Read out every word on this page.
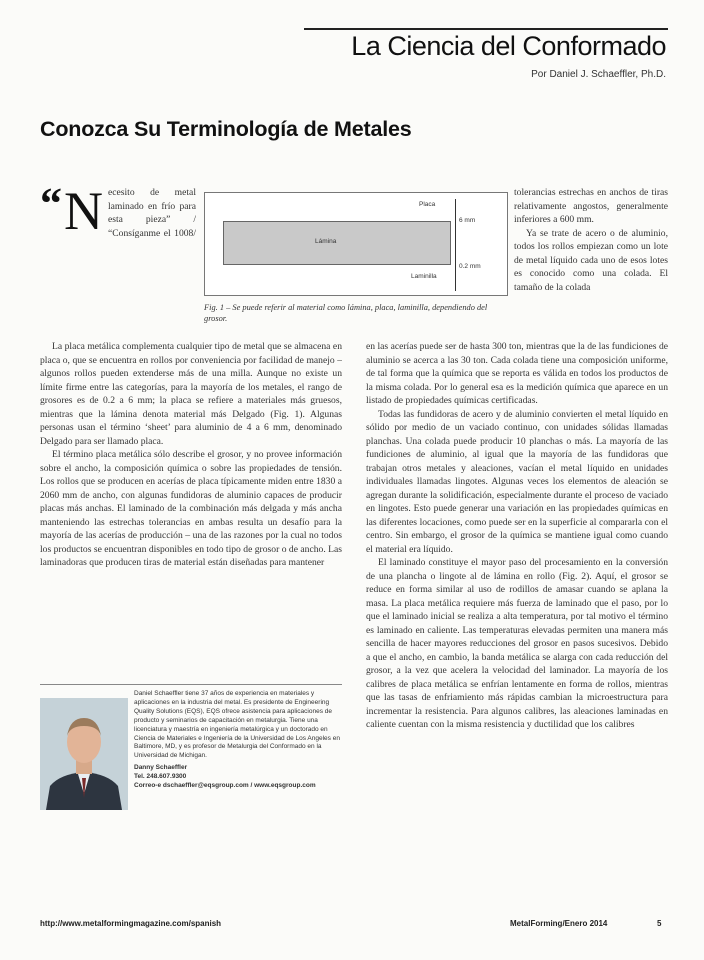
La Ciencia del Conformado
Por Daniel J. Schaeffler, Ph.D.
Conozca Su Terminología de Metales
“ N ecesito de metal laminado en frío para esta pieza” / “Consíganme el 1008/

Lámina
Placa
6 mm
0.2 mm
Laminilla
Fig. 1 – Se puede referir al material como lámina, placa, laminilla, dependiendo del grosor.

tolerancias estrechas en anchos de tiras relativamente angostos, generalmente inferiores a 600 mm.

Ya se trate de acero o de aluminio, todos los rollos empiezan como un lote de metal líquido cada uno de esos lotes es conocido como una colada. El tamaño de la colada

La placa metálica complementa cualquier tipo de metal que se almacena en placa o, que se encuentra en rollos por conveniencia por facilidad de manejo – algunos rollos pueden extenderse más de una milla. Aunque no existe un límite firme entre las categorías, para la mayoría de los metales, el rango de grosores es de 0.2 a 6 mm; la placa se refiere a materiales más gruesos, mientras que la lámina denota material más Delgado (Fig. 1). Algunas personas usan el término ‘sheet’ para aluminio de 4 a 6 mm, denominado Delgado para ser llamado placa.

El término placa metálica sólo describe el grosor, y no provee información sobre el ancho, la composición química o sobre las propiedades de tensión. Los rollos que se producen en acerías de placa típicamente miden entre 1830 a 2060 mm de ancho, con algunas fundidoras de aluminio capaces de producir placas más anchas. El laminado de la combinación más delgada y más ancha manteniendo las estrechas tolerancias en ambas resulta un desafío para la mayoría de las acerías de producción – una de las razones por la cual no todos los productos se encuentran disponibles en todo tipo de grosor o de ancho. Las laminadoras que producen tiras de material están diseñadas para mantener

en las acerías puede ser de hasta 300 ton, mientras que la de las fundiciones de aluminio se acerca a las 30 ton. Cada colada tiene una composición uniforme, de tal forma que la química que se reporta es válida en todos los productos de la misma colada. Por lo general esa es la medición química que aparece en un listado de propiedades químicas certificadas.

Todas las fundidoras de acero y de aluminio convierten el metal líquido en sólido por medio de un vaciado continuo, con unidades sólidas llamadas planchas. Una colada puede producir 10 planchas o más. La mayoría de las fundiciones de aluminio, al igual que la mayoría de las fundidoras que trabajan otros metales y aleaciones, vacían el metal líquido en unidades individuales llamadas lingotes. Algunas veces los elementos de aleación se agregan durante la solidificación, especialmente durante el proceso de vaciado en lingotes. Esto puede generar una variación en las propiedades químicas en las diferentes locaciones, como puede ser en la superficie al compararla con el centro. Sin embargo, el grosor de la química se mantiene igual como cuando el material era líquido.

El laminado constituye el mayor paso del procesamiento en la conversión de una plancha o lingote al de lámina en rollo (Fig. 2). Aquí, el grosor se reduce en forma similar al uso de rodillos de amasar cuando se aplana la masa. La placa metálica requiere más fuerza de laminado que el paso, por lo que el laminado inicial se realiza a alta temperatura, por tal motivo el término es laminado en caliente. Las temperaturas elevadas permiten una manera más sencilla de hacer mayores reducciones del grosor en pasos sucesivos. Debido a que el ancho, en cambio, la banda metálica se alarga con cada reducción del grosor, a la vez que acelera la velocidad del laminador. La mayoría de los calibres de placa metálica se enfrían lentamente en forma de rollos, mientras que las tasas de enfriamiento más rápidas cambian la microestructura para incrementar la resistencia. Para algunos calibres, las aleaciones laminadas en caliente cuentan con la misma resistencia y ductilidad que los calibres

Daniel Schaeffler tiene 37 años de experiencia en materiales y aplicaciones en la industria del metal. Es presidente de Engineering Quality Solutions (EQS), EQS ofrece asistencia para aplicaciones de producto y seminarios de capacitación en metalurgia. Tiene una licenciatura y maestría en ingeniería metalúrgica y un doctorado en Ciencia de Materiales e Ingeniería de la Universidad de Los Angeles en Baltimore, MD, y es profesor de Metalurgia del Conformado en la Universidad de Michigan.
Danny Schaeffler
Tel. 248.607.9300
Correo-e dschaeffler@eqsgroup.com / www.eqsgroup.com
http://www.metalformingmagazine.com/spanish	MetalForming/Enero 2014	5
